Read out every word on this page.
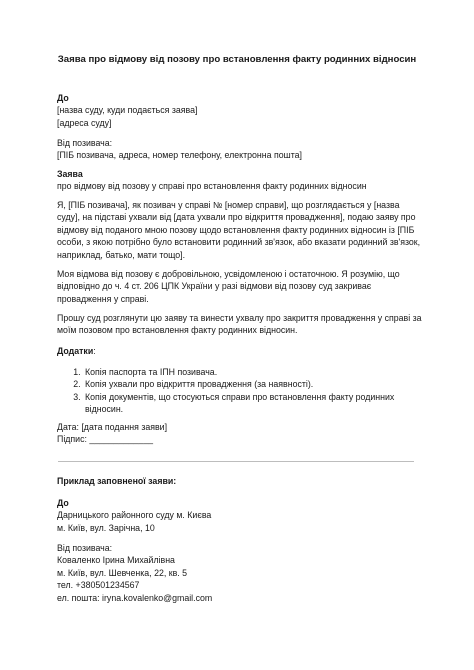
Заява про відмову від позову про встановлення факту родинних відносин

До

[назва суду, куди подається заява]

[адреса суду]

Від позивача:

[ПІБ позивача, адреса, номер телефону, електронна пошта]

Заява

про відмову від позову у справі про встановлення факту родинних відносин

Я, [ПІБ позивача], як позивач у справі № [номер справи], що розглядається у [назва суду], на підставі ухвали від [дата ухвали про відкриття провадження], подаю заяву про відмову від поданого мною позову щодо встановлення факту родинних відносин із [ПІБ особи, з якою потрібно було встановити родинний зв'язок, або вказати родинний зв'язок, наприклад, батько, мати тощо].
Моя відмова від позову є добровільною, усвідомленою і остаточною. Я розумію, що відповідно до ч. 4 ст. 206 ЦПК України у разі відмови від позову суд закриває провадження у справі.
Прошу суд розглянути цю заяву та винести ухвалу про закриття провадження у справі за моїм позовом про встановлення факту родинних відносин.

Додатки:

1. Копія паспорта та ІПН позивача.
2. Копія ухвали про відкриття провадження (за наявності).
3. Копія документів, що стосуються справи про встановлення факту родинних відносин.

Дата: [дата подання заяви]

Підпис: _____________

Приклад заповненої заяви:

До

Дарницького районного суду м. Києва

м. Київ, вул. Зарічна, 10

Від позивача:

Коваленко Ірина Михайлівна

м. Київ, вул. Шевченка, 22, кв. 5

тел. +380501234567

ел. пошта: iryna.kovalenko@gmail.com
